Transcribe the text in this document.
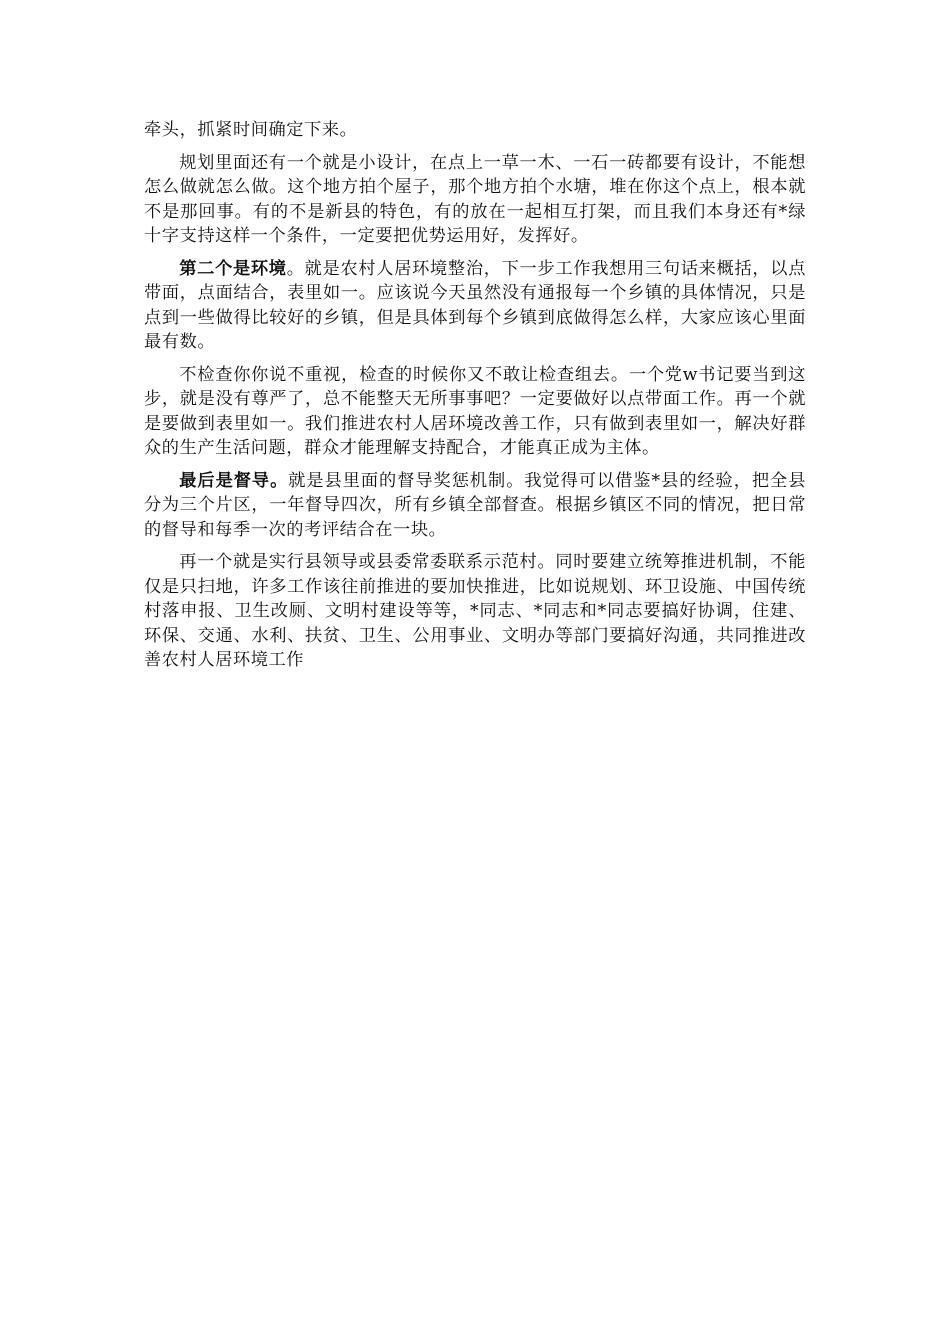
牵头，抓紧时间确定下来。

规划里面还有一个就是小设计，在点上一草一木、一石一砖都要有设计，不能想怎么做就怎么做。这个地方拍个屋子，那个地方拍个水塘，堆在你这个点上，根本就不是那回事。有的不是新县的特色，有的放在一起相互打架，而且我们本身还有*绿十字支持这样一个条件，一定要把优势运用好，发挥好。

第二个是环境。就是农村人居环境整治，下一步工作我想用三句话来概括，以点带面，点面结合，表里如一。应该说今天虽然没有通报每一个乡镇的具体情况，只是点到一些做得比较好的乡镇，但是具体到每个乡镇到底做得怎么样，大家应该心里面最有数。

不检查你你说不重视，检查的时候你又不敢让检查组去。一个党w书记要当到这步，就是没有尊严了，总不能整天无所事事吧？一定要做好以点带面工作。再一个就是要做到表里如一。我们推进农村人居环境改善工作，只有做到表里如一，解决好群众的生产生活问题，群众才能理解支持配合，才能真正成为主体。

最后是督导。就是县里面的督导奖惩机制。我觉得可以借鉴*县的经验，把全县分为三个片区，一年督导四次，所有乡镇全部督查。根据乡镇区不同的情况，把日常的督导和每季一次的考评结合在一块。

再一个就是实行县领导或县委常委联系示范村。同时要建立统筹推进机制，不能仅是只扫地，许多工作该往前推进的要加快推进，比如说规划、环卫设施、中国传统村落申报、卫生改厕、文明村建设等等，*同志、*同志和*同志要搞好协调，住建、环保、交通、水利、扶贫、卫生、公用事业、文明办等部门要搞好沟通，共同推进改善农村人居环境工作
